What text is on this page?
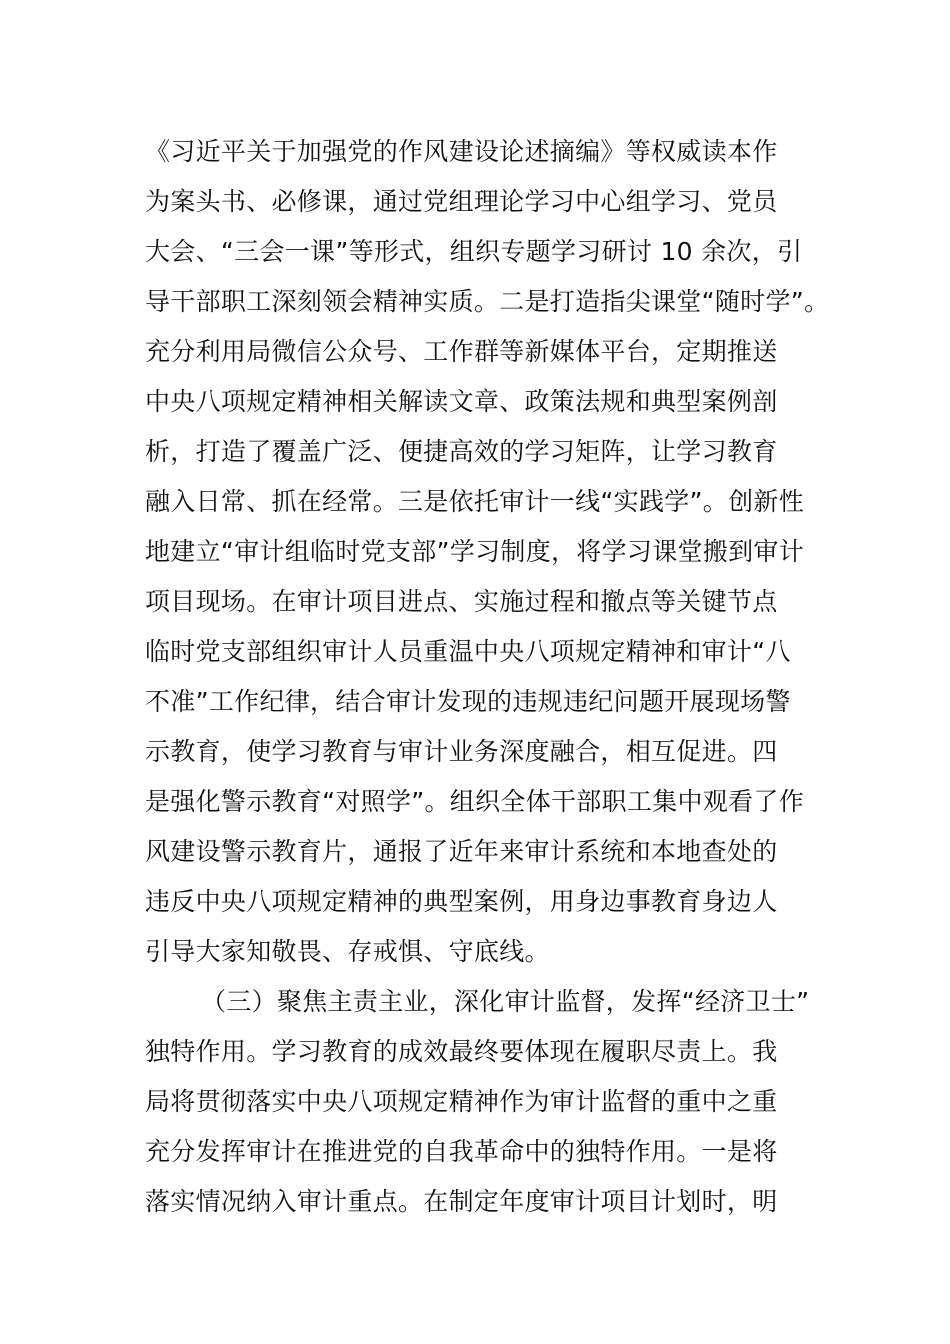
《习近平关于加强党的作风建设论述摘编》等权威读本作
为案头书、必修课，通过党组理论学习中心组学习、党员
大会、“三会一课”等形式，组织专题学习研讨 10 余次，引
导干部职工深刻领会精神实质。二是打造指尖课堂“随时学”。
充分利用局微信公众号、工作群等新媒体平台，定期推送
中央八项规定精神相关解读文章、政策法规和典型案例剖
析，打造了覆盖广泛、便捷高效的学习矩阵，让学习教育
融入日常、抓在经常。三是依托审计一线“实践学”。创新性
地建立“审计组临时党支部”学习制度，将学习课堂搬到审计
项目现场。在审计项目进点、实施过程和撤点等关键节点
临时党支部组织审计人员重温中央八项规定精神和审计“八
不准”工作纪律，结合审计发现的违规违纪问题开展现场警
示教育，使学习教育与审计业务深度融合，相互促进。四
是强化警示教育“对照学”。组织全体干部职工集中观看了作
风建设警示教育片，通报了近年来审计系统和本地查处的
违反中央八项规定精神的典型案例，用身边事教育身边人
引导大家知敬畏、存戒惧、守底线。
（三）聚焦主责主业，深化审计监督，发挥“经济卫士”
独特作用。学习教育的成效最终要体现在履职尽责上。我
局将贯彻落实中央八项规定精神作为审计监督的重中之重
充分发挥审计在推进党的自我革命中的独特作用。一是将
落实情况纳入审计重点。在制定年度审计项目计划时，明
